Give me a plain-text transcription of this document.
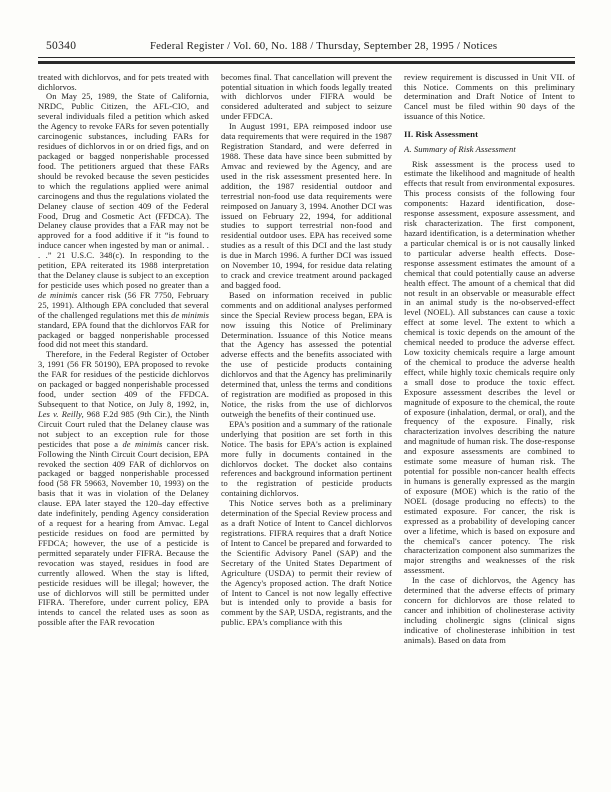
50340	Federal Register / Vol. 60, No. 188 / Thursday, September 28, 1995 / Notices

treated with dichlorvos, and for pets treated with dichlorvos.

On May 25, 1989, the State of California, NRDC, Public Citizen, the AFL-CIO, and several individuals filed a petition which asked the Agency to revoke FARs for seven potentially carcinogenic substances, including FARs for residues of dichlorvos in or on dried figs, and on packaged or bagged nonperishable processed food. The petitioners argued that these FARs should be revoked because the seven pesticides to which the regulations applied were animal carcinogens and thus the regulations violated the Delaney clause of section 409 of the Federal Food, Drug and Cosmetic Act (FFDCA). The Delaney clause provides that a FAR may not be approved for a food additive if it “is found to induce cancer when ingested by man or animal. . . .” 21 U.S.C. 348(c). In responding to the petition, EPA reiterated its 1988 interpretation that the Delaney clause is subject to an exception for pesticide uses which posed no greater than a de minimis cancer risk (56 FR 7750, February 25, 1991). Although EPA concluded that several of the challenged regulations met this de minimis standard, EPA found that the dichlorvos FAR for packaged or bagged nonperishable processed food did not meet this standard.

Therefore, in the Federal Register of October 3, 1991 (56 FR 50190), EPA proposed to revoke the FAR for residues of the pesticide dichlorvos on packaged or bagged nonperishable processed food, under section 409 of the FFDCA. Subsequent to that Notice, on July 8, 1992, in, Les v. Reilly, 968 F.2d 985 (9th Cir.), the Ninth Circuit Court ruled that the Delaney clause was not subject to an exception rule for those pesticides that pose a de minimis cancer risk. Following the Ninth Circuit Court decision, EPA revoked the section 409 FAR of dichlorvos on packaged or bagged nonperishable processed food (58 FR 59663, November 10, 1993) on the basis that it was in violation of the Delaney clause. EPA later stayed the 120–day effective date indefinitely, pending Agency consideration of a request for a hearing from Amvac. Legal pesticide residues on food are permitted by FFDCA; however, the use of a pesticide is permitted separately under FIFRA. Because the revocation was stayed, residues in food are currently allowed. When the stay is lifted, pesticide residues will be illegal; however, the use of dichlorvos will still be permitted under FIFRA. Therefore, under current policy, EPA intends to cancel the related uses as soon as possible after the FAR revocation

becomes final. That cancellation will prevent the potential situation in which foods legally treated with dichlorvos under FIFRA would be considered adulterated and subject to seizure under FFDCA.

In August 1991, EPA reimposed indoor use data requirements that were required in the 1987 Registration Standard, and were deferred in 1988. These data have since been submitted by Amvac and reviewed by the Agency, and are used in the risk assessment presented here. In addition, the 1987 residential outdoor and terrestrial non-food use data requirements were reimposed on January 3, 1994. Another DCI was issued on February 22, 1994, for additional studies to support terrestrial non-food and residential outdoor uses. EPA has received some studies as a result of this DCI and the last study is due in March 1996. A further DCI was issued on November 10, 1994, for residue data relating to crack and crevice treatment around packaged and bagged food.

Based on information received in public comments and on additional analyses performed since the Special Review process began, EPA is now issuing this Notice of Preliminary Determination. Issuance of this Notice means that the Agency has assessed the potential adverse effects and the benefits associated with the use of pesticide products containing dichlorvos and that the Agency has preliminarily determined that, unless the terms and conditions of registration are modified as proposed in this Notice, the risks from the use of dichlorvos outweigh the benefits of their continued use.

EPA's position and a summary of the rationale underlying that position are set forth in this Notice. The basis for EPA's action is explained more fully in documents contained in the dichlorvos docket. The docket also contains references and background information pertinent to the registration of pesticide products containing dichlorvos.

This Notice serves both as a preliminary determination of the Special Review process and as a draft Notice of Intent to Cancel dichlorvos registrations. FIFRA requires that a draft Notice of Intent to Cancel be prepared and forwarded to the Scientific Advisory Panel (SAP) and the Secretary of the United States Department of Agriculture (USDA) to permit their review of the Agency's proposed action. The draft Notice of Intent to Cancel is not now legally effective but is intended only to provide a basis for comment by the SAP, USDA, registrants, and the public. EPA's compliance with this

review requirement is discussed in Unit VII. of this Notice. Comments on this preliminary determination and Draft Notice of Intent to Cancel must be filed within 90 days of the issuance of this Notice.

II. Risk Assessment
A. Summary of Risk Assessment

Risk assessment is the process used to estimate the likelihood and magnitude of health effects that result from environmental exposures. This process consists of the following four components: Hazard identification, dose-response assessment, exposure assessment, and risk characterization. The first component, hazard identification, is a determination whether a particular chemical is or is not causally linked to particular adverse health effects. Dose-response assessment estimates the amount of a chemical that could potentially cause an adverse health effect. The amount of a chemical that did not result in an observable or measurable effect in an animal study is the no-observed-effect level (NOEL). All substances can cause a toxic effect at some level. The extent to which a chemical is toxic depends on the amount of the chemical needed to produce the adverse effect. Low toxicity chemicals require a large amount of the chemical to produce the adverse health effect, while highly toxic chemicals require only a small dose to produce the toxic effect. Exposure assessment describes the level or magnitude of exposure to the chemical, the route of exposure (inhalation, dermal, or oral), and the frequency of the exposure. Finally, risk characterization involves describing the nature and magnitude of human risk. The dose-response and exposure assessments are combined to estimate some measure of human risk. The potential for possible non-cancer health effects in humans is generally expressed as the margin of exposure (MOE) which is the ratio of the NOEL (dosage producing no effects) to the estimated exposure. For cancer, the risk is expressed as a probability of developing cancer over a lifetime, which is based on exposure and the chemical's cancer potency. The risk characterization component also summarizes the major strengths and weaknesses of the risk assessment.

In the case of dichlorvos, the Agency has determined that the adverse effects of primary concern for dichlorvos are those related to cancer and inhibition of cholinesterase activity including cholinergic signs (clinical signs indicative of cholinesterase inhibition in test animals). Based on data from
